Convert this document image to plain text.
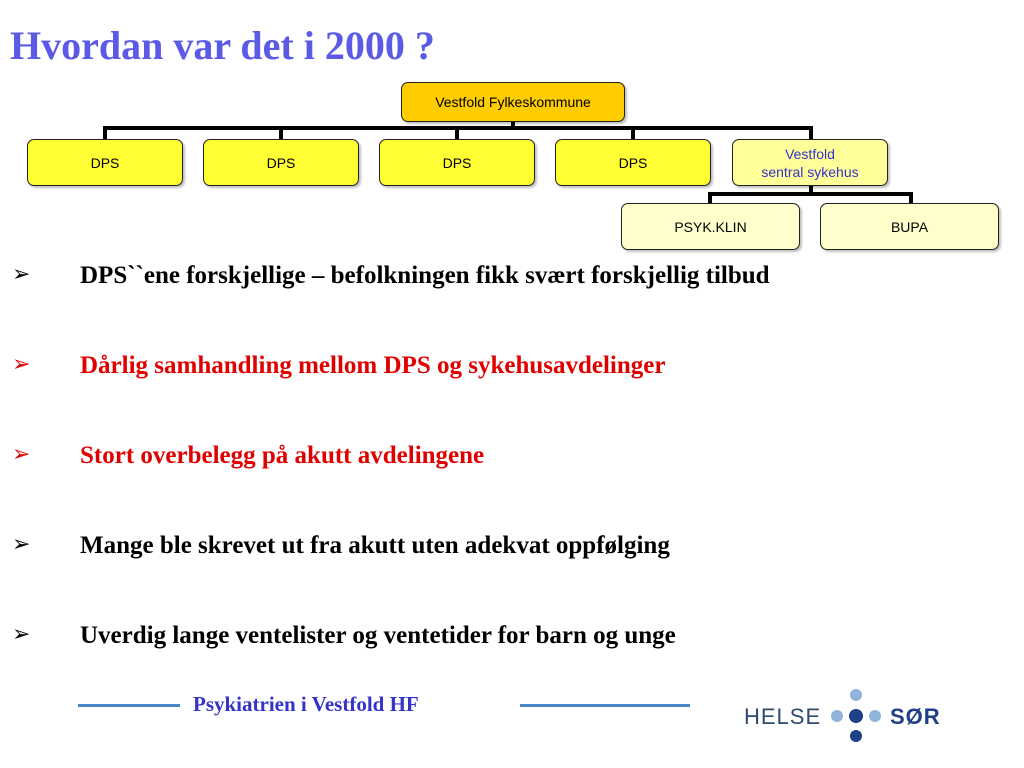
Hvordan var det i 2000 ?
Vestfold Fylkeskommune
DPS	DPS	DPS	DPS
Vestfold
sentral sykehus
PSYK.KLIN	BUPA
➢ DPS``ene forskjellige – befolkningen fikk svært forskjellig tilbud
➢ Dårlig samhandling mellom DPS og sykehusavdelinger
➢ Stort overbelegg på akutt avdelingene
➢ Mange ble skrevet ut fra akutt uten adekvat oppfølging
➢ Uverdig lange ventelister og ventetider for barn og unge
Psykiatrien i Vestfold HF	HELSE	SØR
